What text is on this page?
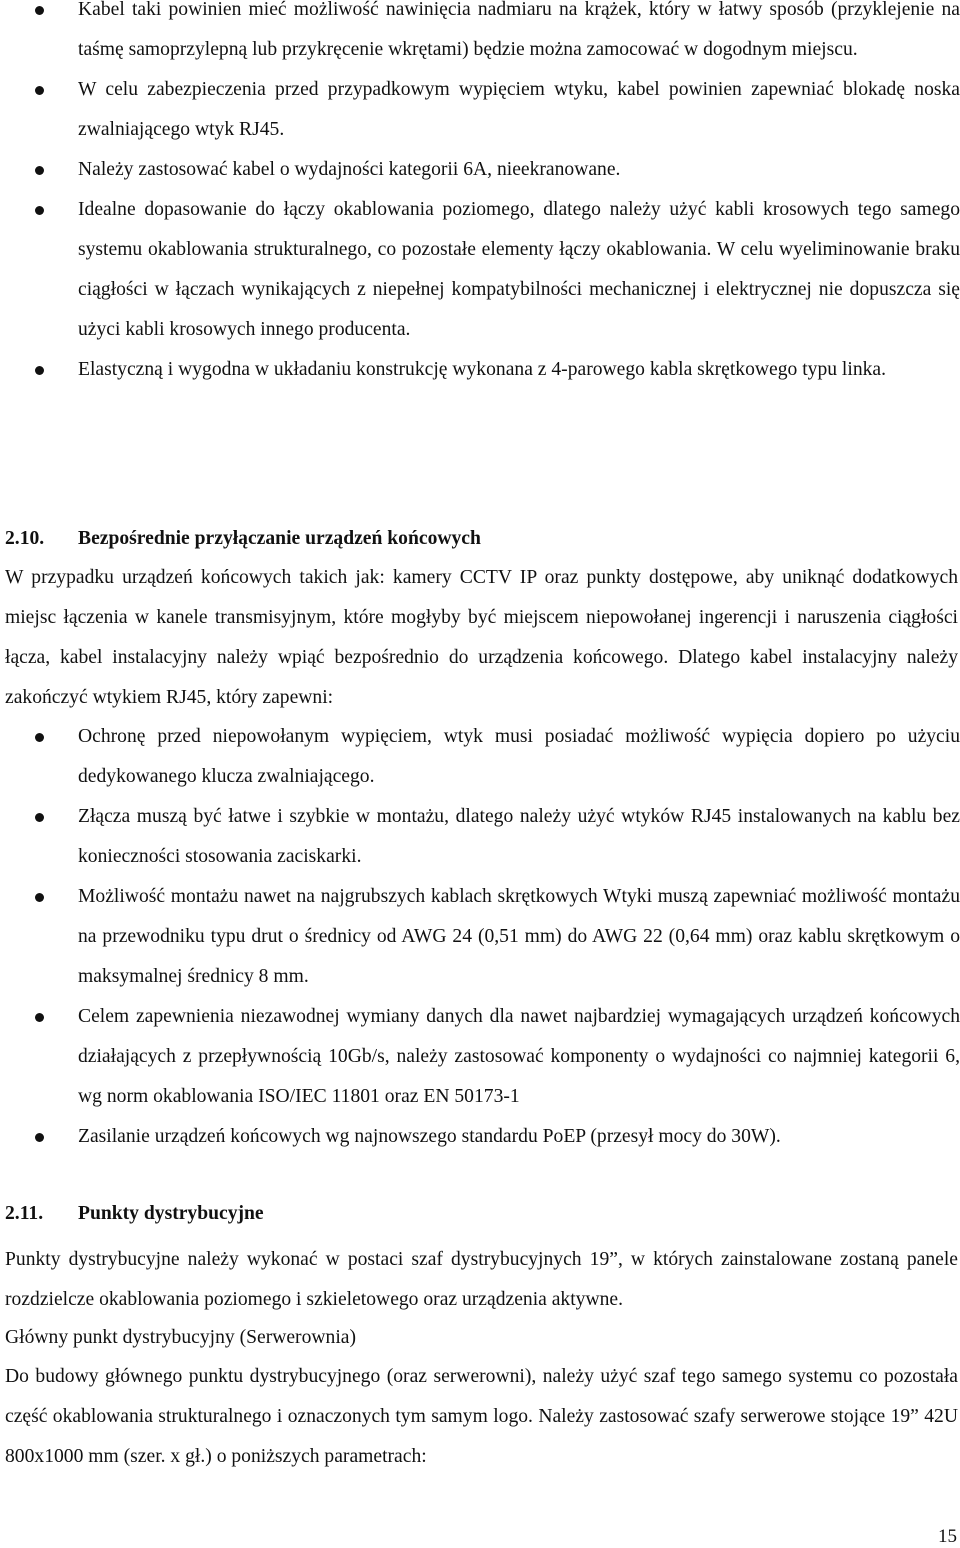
Kabel taki powinien mieć możliwość nawinięcia nadmiaru na krążek, który w łatwy sposób (przyklejenie na taśmę samoprzylepną lub przykręcenie wkrętami) będzie można zamocować w dogodnym miejscu.
W celu zabezpieczenia przed przypadkowym wypięciem wtyku, kabel powinien zapewniać blokadę noska zwalniającego wtyk RJ45.
Należy zastosować kabel o wydajności kategorii 6A, nieekranowane.
Idealne dopasowanie do łączy okablowania poziomego, dlatego należy użyć kabli krosowych tego samego systemu okablowania strukturalnego, co pozostałe elementy łączy okablowania. W celu wyeliminowanie braku ciągłości w łączach wynikających z niepełnej kompatybilności mechanicznej i elektrycznej nie dopuszcza się użyci kabli krosowych innego producenta.
Elastyczną i wygodna w układaniu konstrukcję wykonana z 4-parowego kabla skrętkowego typu linka.
2.10. Bezpośrednie przyłączanie urządzeń końcowych

W przypadku urządzeń końcowych takich jak: kamery CCTV IP oraz punkty dostępowe, aby uniknąć dodatkowych miejsc łączenia w kanele transmisyjnym, które mogłyby być miejscem niepowołanej ingerencji i naruszenia ciągłości łącza, kabel instalacyjny należy wpiąć bezpośrednio do urządzenia końcowego. Dlatego kabel instalacyjny należy zakończyć wtykiem RJ45, który zapewni:

Ochronę przed niepowołanym wypięciem, wtyk musi posiadać możliwość wypięcia dopiero po użyciu dedykowanego klucza zwalniającego.
Złącza muszą być łatwe i szybkie w montażu, dlatego należy użyć wtyków RJ45 instalowanych na kablu bez konieczności stosowania zaciskarki.
Możliwość montażu nawet na najgrubszych kablach skrętkowych Wtyki muszą zapewniać możliwość montażu na przewodniku typu drut o średnicy od AWG 24 (0,51 mm) do AWG 22 (0,64 mm) oraz kablu skrętkowym o maksymalnej średnicy 8 mm.
Celem zapewnienia niezawodnej wymiany danych dla nawet najbardziej wymagających urządzeń końcowych działających z przepływnością 10Gb/s, należy zastosować komponenty o wydajności co najmniej kategorii 6, wg norm okablowania ISO/IEC 11801 oraz EN 50173-1
Zasilanie urządzeń końcowych wg najnowszego standardu PoEP (przesył mocy do 30W).
2.11. Punkty dystrybucyjne

Punkty dystrybucyjne należy wykonać w postaci szaf dystrybucyjnych 19”, w których zainstalowane zostaną panele rozdzielcze okablowania poziomego i szkieletowego oraz urządzenia aktywne.

Główny punkt dystrybucyjny (Serwerownia)

Do budowy głównego punktu dystrybucyjnego (oraz serwerowni), należy użyć szaf tego samego systemu co pozostała część okablowania strukturalnego i oznaczonych tym samym logo. Należy zastosować szafy serwerowe stojące 19” 42U 800x1000 mm (szer. x gł.) o poniższych parametrach:

15
